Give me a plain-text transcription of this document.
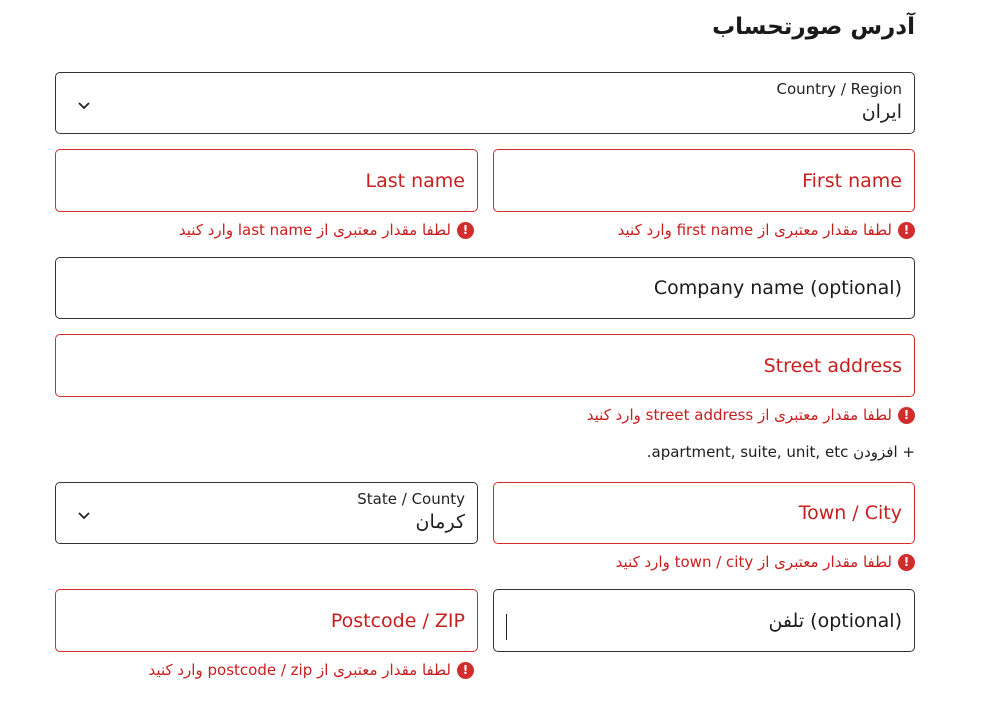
آدرس صورتحساب
Country / Region
ایران
First name
Last name
!
لطفا مقدار معتبری از first name وارد کنید
!
لطفا مقدار معتبری از last name وارد کنید
Company name (optional)
Street address
!
لطفا مقدار معتبری از street address وارد کنید
+ افزودن apartment, suite, unit, etc.
Town / City
State / County
کرمان
!
لطفا مقدار معتبری از town / city وارد کنید
تلفن (optional)
Postcode / ZIP
!
لطفا مقدار معتبری از postcode / zip وارد کنید
